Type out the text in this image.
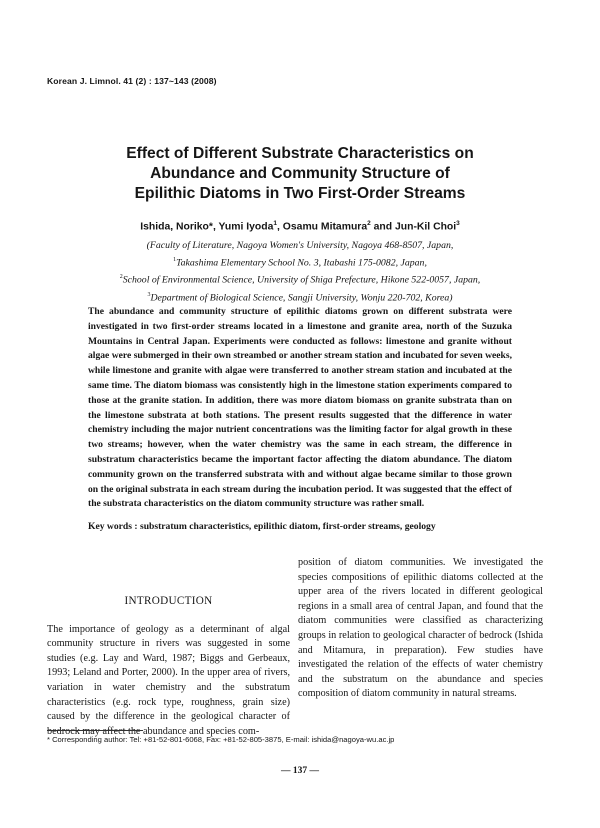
Korean J. Limnol. 41 (2) : 137~143 (2008)
Effect of Different Substrate Characteristics on
Abundance and Community Structure of
Epilithic Diatoms in Two First-Order Streams
Ishida, Noriko*, Yumi Iyoda$^1$, Osamu Mitamura$^2$ and Jun-Kil Choi$^3$
(Faculty of Literature, Nagoya Women's University, Nagoya 468-8507, Japan,
$^1$Takashima Elementary School No. 3, Itabashi 175-0082, Japan,
$^2$School of Environmental Science, University of Shiga Prefecture, Hikone 522-0057, Japan,
$^3$Department of Biological Science, Sangji University, Wonju 220-702, Korea)
The abundance and community structure of epilithic diatoms grown on different substrata were investigated in two first-order streams located in a limestone and granite area, north of the Suzuka Mountains in Central Japan. Experiments were conducted as follows: limestone and granite without algae were submerged in their own streambed or another stream station and incubated for seven weeks, while limestone and granite with algae were transferred to another stream station and incubated at the same time. The diatom biomass was consistently high in the limestone station experiments compared to those at the granite station. In addition, there was more diatom biomass on granite substrata than on the limestone substrata at both stations. The present results suggested that the difference in water chemistry including the major nutrient concentrations was the limiting factor for algal growth in these two streams; however, when the water chemistry was the same in each stream, the difference in substratum characteristics became the important factor affecting the diatom abundance. The diatom community grown on the transferred substrata with and without algae became similar to those grown on the original substrata in each stream during the incubation period. It was suggested that the effect of the substrata characteristics on the diatom community structure was rather small.
Key words : substratum characteristics, epilithic diatom, first-order streams, geology
INTRODUCTION
The importance of geology as a determinant of algal community structure in rivers was suggested in some studies (e.g. Lay and Ward, 1987; Biggs and Gerbeaux, 1993; Leland and Porter, 2000). In the upper area of rivers, variation in water chemistry and the substratum characteristics (e.g. rock type, roughness, grain size) caused by the difference in the geological character of bedrock may affect the abundance and species com-
position of diatom communities. We investigated the species compositions of epilithic diatoms collected at the upper area of the rivers located in different geological regions in a small area of central Japan, and found that the diatom communities were classified as characterizing groups in relation to geological character of bedrock (Ishida and Mitamura, in preparation). Few studies have investigated the relation of the effects of water chemistry and the substratum on the abundance and species composition of diatom community in natural streams.
* Corresponding author: Tel: +81-52-801-6068, Fax: +81-52-805-3875, E-mail: ishida@nagoya-wu.ac.jp
— 137 —
